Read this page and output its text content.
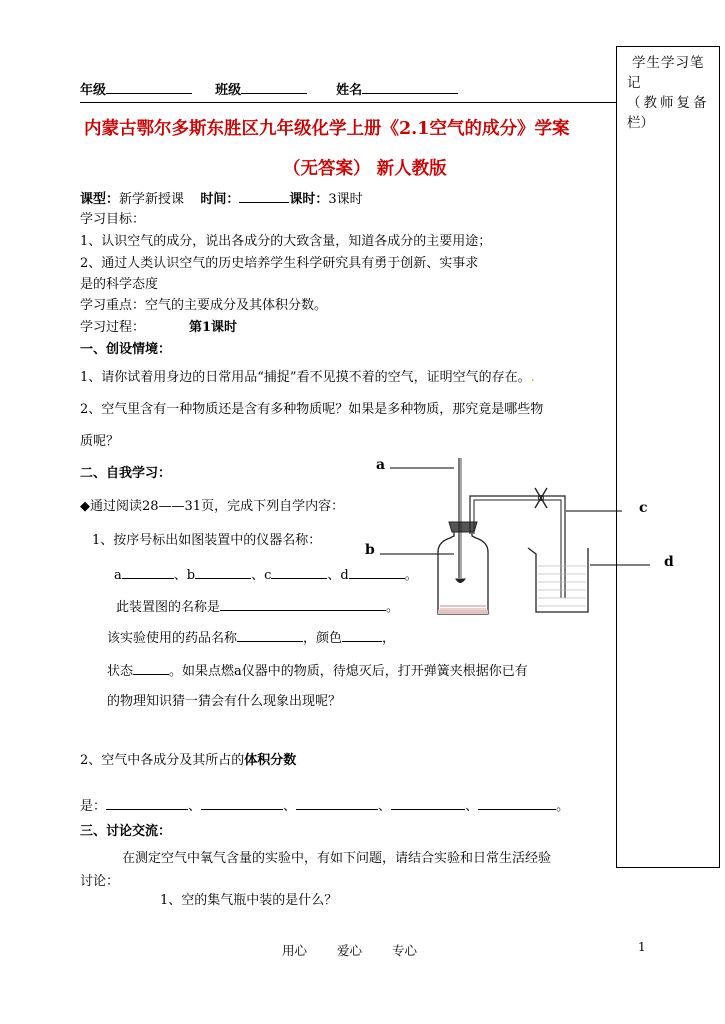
学生学习笔
记
（教师复备
栏）
年级	班级	姓名
内蒙古鄂尔多斯东胜区九年级化学上册《2.1空气的成分》学案
（无答案） 新人教版
课型：新学新授课 时间：	课时：3课时
学习目标：
1、认识空气的成分，说出各成分的大致含量，知道各成分的主要用途；
2、通过人类认识空气的历史培养学生科学研究具有勇于创新、实事求
是的科学态度
学习重点：空气的主要成分及其体积分数。
学习过程：	第1课时
一、创设情境：
1、请你试着用身边的日常用品“捕捉”看不见摸不着的空气，证明空气的存在。.
2、空气里含有一种物质还是含有多种物质呢？如果是多种物质，那究竟是哪些物
质呢？
二、自我学习：
◆通过阅读28——31页，完成下列自学内容：
1、按序号标出如图装置中的仪器名称：
a	、b	、c	、d	。
此装置图的名称是	。
该实验使用的药品名称	，颜色	，
状态	。如果点燃a仪器中的物质，待熄灭后，打开弹簧夹根据你已有
的物理知识猜一猜会有什么现象出现呢？
2、空气中各成分及其所占的体积分数
是：	、	、	、	、	。
三、讨论交流：
在测定空气中氧气含量的实验中，有如下问题，请结合实验和日常生活经验
讨论：
1、空的集气瓶中装的是什么？
a
b
c
d
用心 爱心 专心	1
